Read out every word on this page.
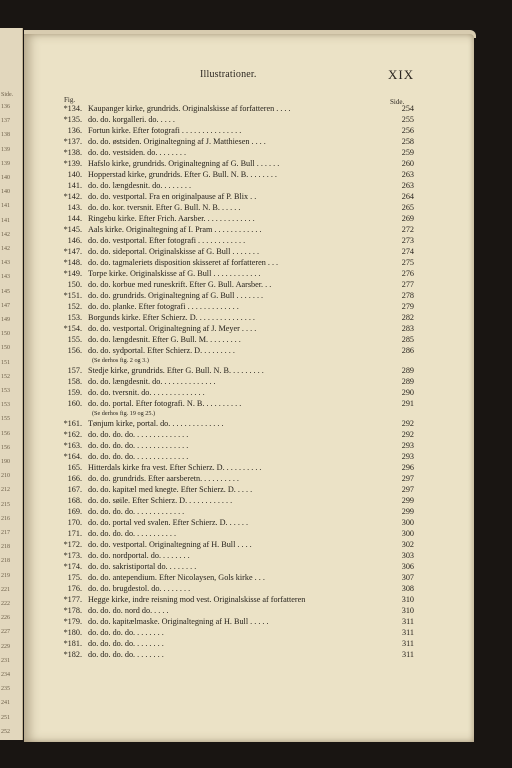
Side.
136
137
138
139
139
140
140
141
141
142
142
143
143
145
147
149
150
150
151
152
153
153
155
156
156
190
210
212
215
216
217
218
218
219
221
222
226
227
229
231
234
235
241
251
252
Illustrationer.	XIX
Fig.	Side.
*134. Kaupanger kirke, grundrids. Originalskisse af forfatteren . . . .	254
*135. do. do. korgalleri. do. . . . .	255
136. Fortun kirke. Efter fotografi . . . . . . . . . . . . . . .	256
*137. do. do. østsiden. Originaltegning af J. Matthiesen . . . .	258
*138. do. do. vestsiden. do. . . . . . . .	259
*139. Hafslo kirke, grundrids. Originaltegning af G. Bull . . . . . .	260
140. Hopperstad kirke, grundrids. Efter G. Bull. N. B. . . . . . . .	263
141. do. do. længdesnit. do. . . . . . . .	263
*142. do. do. vestportal. Fra en originalpause af P. Blix . .	264
143. do. do. kor. tversnit. Efter G. Bull. N. B. . . . . .	265
144. Ringebu kirke. Efter Frich. Aarsber. . . . . . . . . . . . .	269
*145. Aals kirke. Originaltegning af I. Pram . . . . . . . . . . . .	272
146. do. do. vestportal. Efter fotografi . . . . . . . . . . . .	273
*147. do. do. sideportal. Originalskisse af G. Bull . . . . . . .	274
*148. do. do. tagmaleriets disposition skisseret af forfatteren . . .	275
*149. Torpe kirke. Originalskisse af G. Bull . . . . . . . . . . . .	276
150. do. do. korbue med runeskrift. Efter G. Bull. Aarsber. . .	277
*151. do. do. grundrids. Originaltegning af G. Bull . . . . . . .	278
152. do. do. planke. Efter fotografi . . . . . . . . . . . . .	279
153. Borgunds kirke. Efter Schierz. D. . . . . . . . . . . . . . .	282
*154. do. do. vestportal. Originaltegning af J. Meyer . . . .	283
155. do. do. længdesnit. Efter G. Bull. M. . . . . . . . .	285
156. do. do. sydportal. Efter Schierz. D. . . . . . . . .	286
(Se derhos fig. 2 og 3.)
157. Stedje kirke, grundrids. Efter G. Bull. N. B. . . . . . . . .	289
158. do. do. længdesnit. do. . . . . . . . . . . . . .	289
159. do. do. tversnit. do. . . . . . . . . . . . . .	290
160. do. do. portal. Efter fotografi. N. B. . . . . . . . . .	291
(Se derhos fig. 19 og 25.)
*161. Tønjum kirke, portal. do. . . . . . . . . . . . . .	292
*162. do. do. do. do. . . . . . . . . . . . . .	292
*163. do. do. do. do. . . . . . . . . . . . . .	293
*164. do. do. do. do. . . . . . . . . . . . . .	293
165. Hitterdals kirke fra vest. Efter Schierz. D. . . . . . . . . .	296
166. do. do. grundrids. Efter aarsberetn. . . . . . . . . .	297
167. do. do. kapitæl med knegte. Efter Schierz. D. . . . .	297
168. do. do. søile. Efter Schierz. D. . . . . . . . . . . .	299
169. do. do. do. do. . . . . . . . . . . . .	299
170. do. do. portal ved svalen. Efter Schierz. D. . . . . .	300
171. do. do. do. do. . . . . . . . . . .	300
*172. do. do. vestportal. Originaltegning af H. Bull . . . .	302
*173. do. do. nordportal. do. . . . . . . .	303
*174. do. do. sakristiportal do. . . . . . . .	306
175. do. do. antependium. Efter Nicolaysen, Gols kirke . . .	307
176. do. do. brugdestol. do. . . . . . . .	308
*177. Hegge kirke, indre reisning mod vest. Originalskisse af forfatteren	310
*178. do. do. do. nord do. . . . .	310
*179. do. do. kapitælmaske. Originaltegning af H. Bull . . . . .	311
*180. do. do. do. do. . . . . . . .	311
*181. do. do. do. do. . . . . . . .	311
*182. do. do. do. do. . . . . . . .	311
